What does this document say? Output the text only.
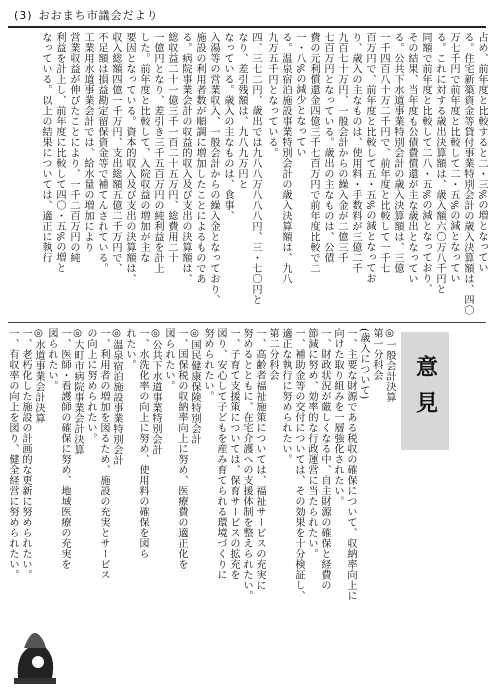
(3) おおまち市議会だより
占め、前年度と比較すると二・三%の増となってい
る。住宅新築資金等貸付事業特別会計の歳入決算額は、四〇
万七千円で前年度と比較して二・五%の減となってい
る。これに対する歳出決算額は、歳入額六〇万八千円と
同額で前年度と比較して二八・五%の減となっており、
その結果、当年度も公債費償還が主な歳出となってい
る。公共下水道事業特別会計の歳入決算額は、三億
一千四百八十万二千円で、前年度と比較して一千七
百万円で、前年度と比較して五・五%の減となってお
り、歳入の主なものは、使用料・手数料が三億二千
九百七十万円、一般会計からの繰入金が二億三千
七百万円となっている。歳出の主なものは、公債
費の元利償還金四億三千七百万円で前年度比較で二
一・八%の減少となってい
る。温泉宿泊施設事業特別会計の歳入決算額は、九八
九万五千円となっている。
四、三七二円、歳出では九八八万八八八円、三・七〇円と
なり、差引残額は、九八九万円と
なっている。歳入の主なものは、食事、
入湯等の営業収入、一般会計からの繰入金となっており、
施設の利用者数が順調に増加したことによるものであ
る。病院事業会計の収益的収入及び支出の決算額は、
総収益二十一億三千一百二十五万円、総費用二十
一億円となり、差引き三千五百万円の純利益を計上
した。前年度と比較して、入院収益の増加が主な
要因となっている。資本的収入及び支出の決算額は、
収入総額四億一千万円、支出総額五億二千万円で、
不足額は損益勘定留保資金等で補てんされている。
工業用水道事業会計では、給水量の増加により
営業収益が伸びたことにより、一千二百万円の純
利益を計上し、前年度に比較して四〇・五%の増と
なっている。以上の結果については、適正に執行
意見
◎一般会計決算
第一分科会
(歳入について)
一、主要な財源である税収の確保について、収納率向上に
向けた取り組みを一層強化されたい。
一、財政状況が厳しくなる中、自主財源の確保と経費の
節減に努め、効率的な行政運営に当たられたい。
一、補助金等の交付については、その効果を十分検証し、
適正な執行に努められたい。
第二分科会
一、高齢者福祉施策については、福祉サービスの充実に
努めるとともに、在宅介護への支援体制を整えられたい。
一、子育て支援策については、保育サービスの拡充を
図り、安心して子どもを産み育てられる環境づくりに
努められたい。
◎国民健康保険特別会計
一、国保税の収納率向上に努め、医療費の適正化を
図られたい。
◎公共下水道事業特別会計
一、水洗化率の向上に努め、使用料の確保を図ら
れたい。
◎温泉宿泊施設事業特別会計
一、利用者の増加を図るため、施設の充実とサービス
の向上に努められたい。
◎大町市病院事業会計決算
一、医師・看護師の確保に努め、地域医療の充実を
図られたい。
◎水道事業会計決算
一、老朽化した施設の計画的な更新に努められたい。
一、有収率の向上を図り、健全経営に努められたい。
